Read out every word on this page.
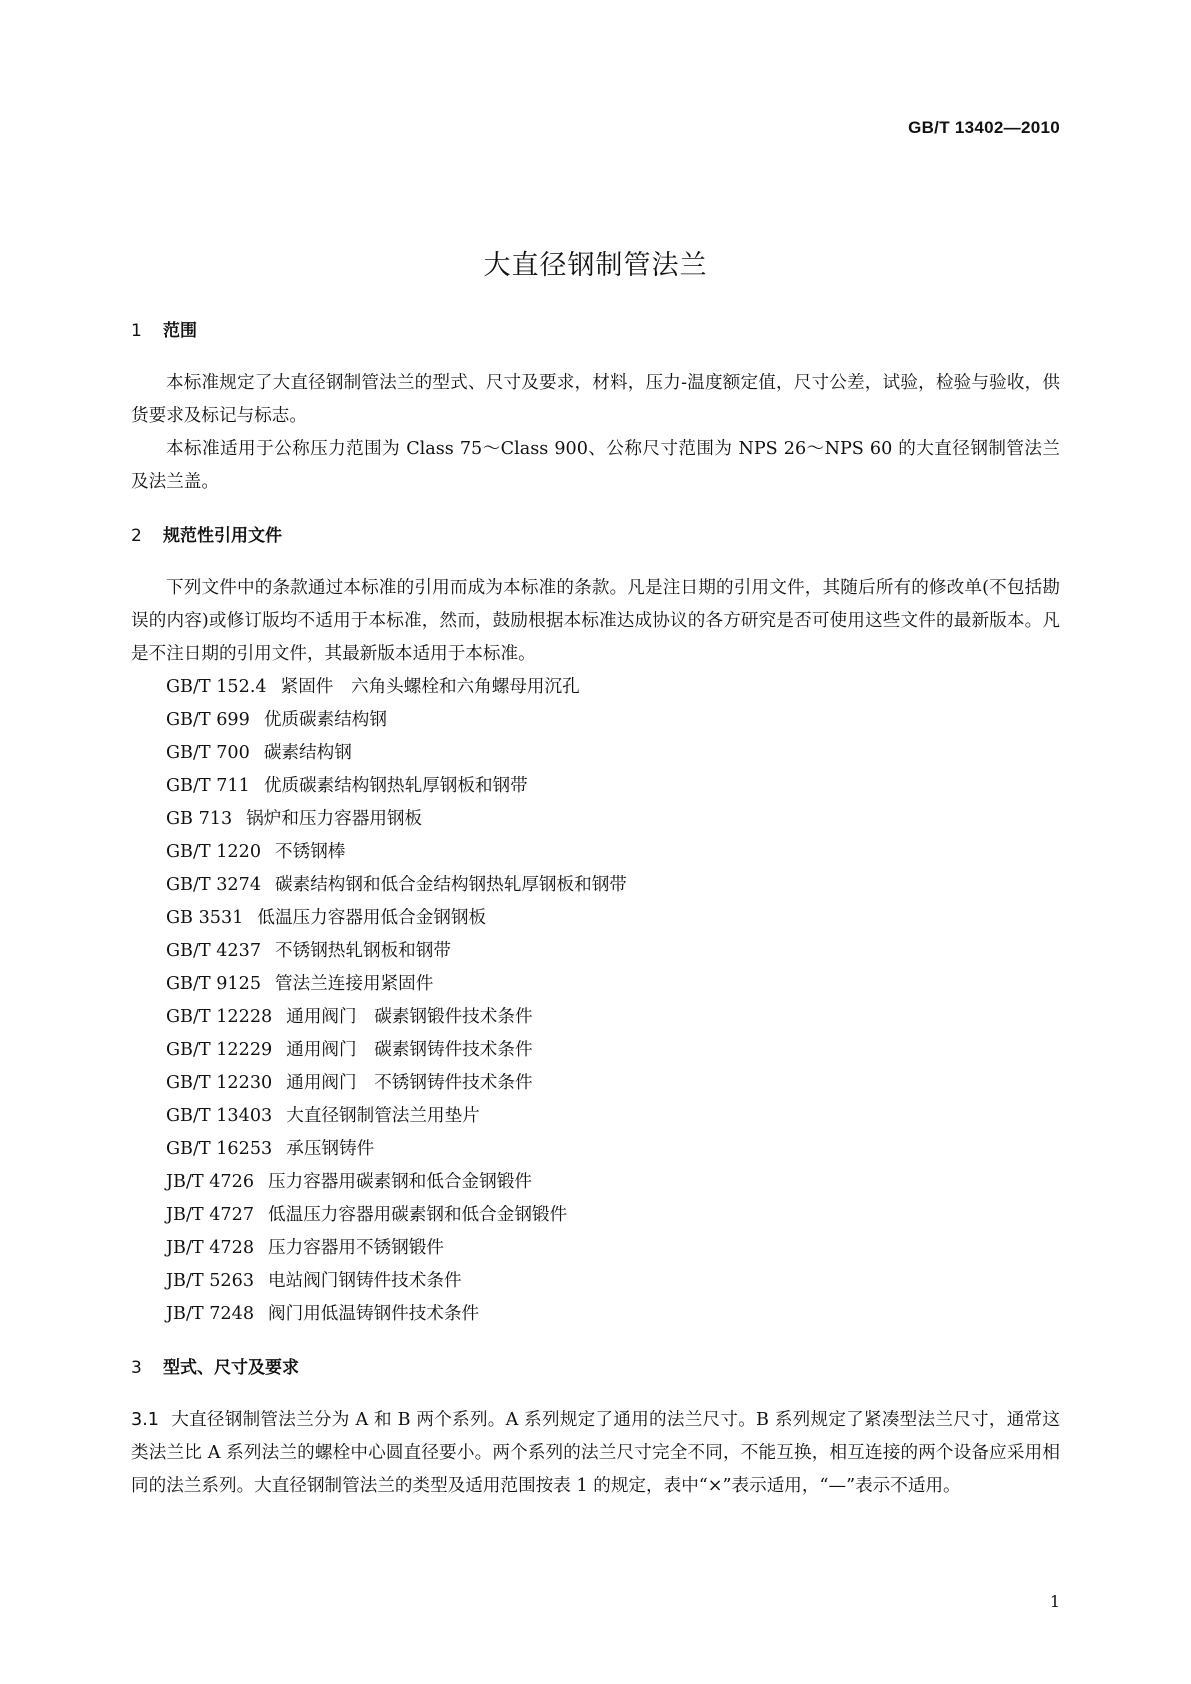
GB/T 13402—2010
大直径钢制管法兰
1 范围

本标准规定了大直径钢制管法兰的型式、尺寸及要求，材料，压力-温度额定值，尺寸公差，试验，检验与验收，供货要求及标记与标志。

本标准适用于公称压力范围为 Class 75～Class 900、公称尺寸范围为 NPS 26～NPS 60 的大直径钢制管法兰及法兰盖。

2 规范性引用文件

下列文件中的条款通过本标准的引用而成为本标准的条款。凡是注日期的引用文件，其随后所有的修改单(不包括勘误的内容)或修订版均不适用于本标准，然而，鼓励根据本标准达成协议的各方研究是否可使用这些文件的最新版本。凡是不注日期的引用文件，其最新版本适用于本标准。

GB/T 152.4 紧固件　六角头螺栓和六角螺母用沉孔
GB/T 699 优质碳素结构钢
GB/T 700 碳素结构钢
GB/T 711 优质碳素结构钢热轧厚钢板和钢带
GB 713 锅炉和压力容器用钢板
GB/T 1220 不锈钢棒
GB/T 3274 碳素结构钢和低合金结构钢热轧厚钢板和钢带
GB 3531 低温压力容器用低合金钢钢板
GB/T 4237 不锈钢热轧钢板和钢带
GB/T 9125 管法兰连接用紧固件
GB/T 12228 通用阀门　碳素钢锻件技术条件
GB/T 12229 通用阀门　碳素钢铸件技术条件
GB/T 12230 通用阀门　不锈钢铸件技术条件
GB/T 13403 大直径钢制管法兰用垫片
GB/T 16253 承压钢铸件
JB/T 4726 压力容器用碳素钢和低合金钢锻件
JB/T 4727 低温压力容器用碳素钢和低合金钢锻件
JB/T 4728 压力容器用不锈钢锻件
JB/T 5263 电站阀门钢铸件技术条件
JB/T 7248 阀门用低温铸钢件技术条件
3 型式、尺寸及要求

3.1 大直径钢制管法兰分为 A 和 B 两个系列。A 系列规定了通用的法兰尺寸。B 系列规定了紧凑型法兰尺寸，通常这类法兰比 A 系列法兰的螺栓中心圆直径要小。两个系列的法兰尺寸完全不同，不能互换，相互连接的两个设备应采用相同的法兰系列。大直径钢制管法兰的类型及适用范围按表 1 的规定，表中“×”表示适用，“—”表示不适用。

1
